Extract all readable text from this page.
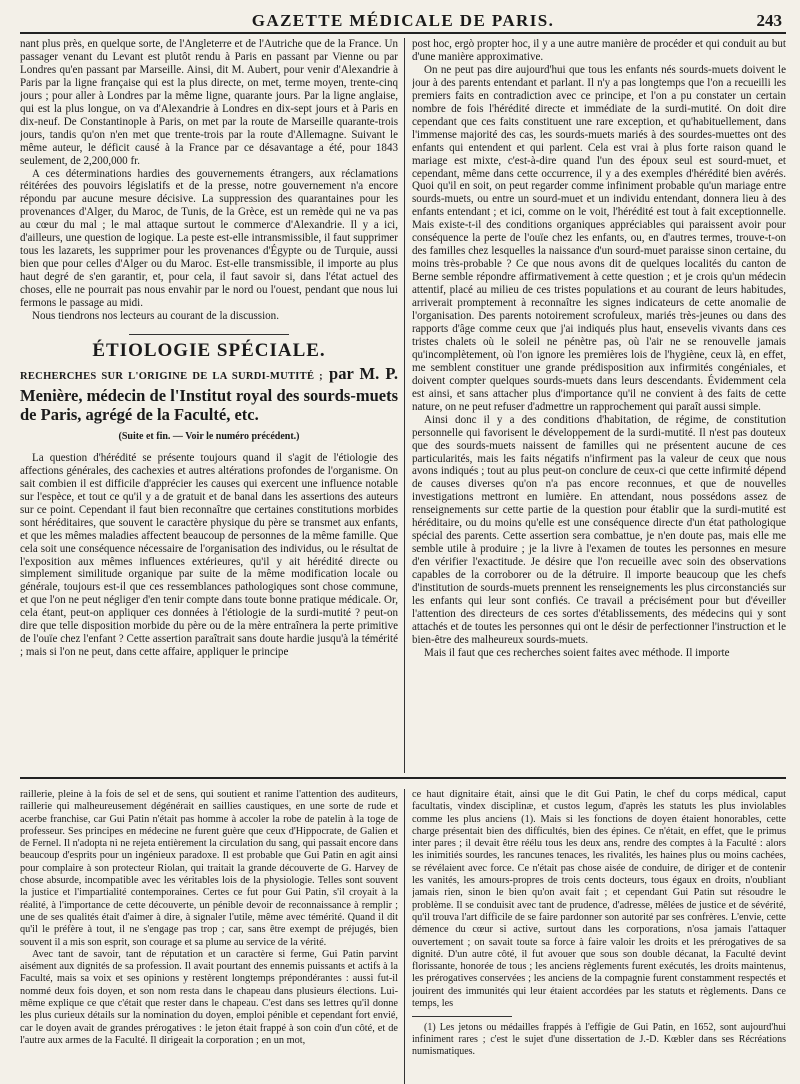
GAZETTE MÉDICALE DE PARIS.	243

nant plus près, en quelque sorte, de l'Angleterre et de l'Autriche que de la France. Un passager venant du Levant est plutôt rendu à Paris en passant par Vienne ou par Londres qu'en passant par Marseille. Ainsi, dit M. Aubert, pour venir d'Alexandrie à Paris par la ligne française qui est la plus directe, on met, terme moyen, trente-cinq jours ; pour aller à Londres par la même ligne, quarante jours. Par la ligne anglaise, qui est la plus longue, on va d'Alexandrie à Londres en dix-sept jours et à Paris en dix-neuf. De Constantinople à Paris, on met par la route de Marseille quarante-trois jours, tandis qu'on n'en met que trente-trois par la route d'Allemagne. Suivant le même auteur, le déficit causé à la France par ce désavantage a été, pour 1843 seulement, de 2,200,000 fr.

A ces déterminations hardies des gouvernements étrangers, aux réclamations réitérées des pouvoirs législatifs et de la presse, notre gouvernement n'a encore répondu par aucune mesure décisive. La suppression des quarantaines pour les provenances d'Alger, du Maroc, de Tunis, de la Grèce, est un remède qui ne va pas au cœur du mal ; le mal attaque surtout le commerce d'Alexandrie. Il y a ici, d'ailleurs, une question de logique. La peste est-elle intransmissible, il faut supprimer tous les lazarets, les supprimer pour les provenances d'Égypte ou de Turquie, aussi bien que pour celles d'Alger ou du Maroc. Est-elle transmissible, il importe au plus haut degré de s'en garantir, et, pour cela, il faut savoir si, dans l'état actuel des choses, elle ne pourrait pas nous envahir par le nord ou l'ouest, pendant que nous lui fermons le passage au midi.

Nous tiendrons nos lecteurs au courant de la discussion.

ÉTIOLOGIE SPÉCIALE.
RECHERCHES SUR L'ORIGINE DE LA SURDI-MUTITÉ ; par M. P. Menière, médecin de l'Institut royal des sourds-muets de Paris, agrégé de la Faculté, etc.
(Suite et fin. — Voir le numéro précédent.)

La question d'hérédité se présente toujours quand il s'agit de l'étiologie des affections générales, des cachexies et autres altérations profondes de l'organisme. On sait combien il est difficile d'apprécier les causes qui exercent une influence notable sur l'espèce, et tout ce qu'il y a de gratuit et de banal dans les assertions des auteurs sur ce point. Cependant il faut bien reconnaître que certaines constitutions morbides sont héréditaires, que souvent le caractère physique du père se transmet aux enfants, et que les mêmes maladies affectent beaucoup de personnes de la même famille. Que cela soit une conséquence nécessaire de l'organisation des individus, ou le résultat de l'exposition aux mêmes influences extérieures, qu'il y ait hérédité directe ou simplement similitude organique par suite de la même modification locale ou générale, toujours est-il que ces ressemblances pathologiques sont chose commune, et que l'on ne peut négliger d'en tenir compte dans toute bonne pratique médicale. Or, cela étant, peut-on appliquer ces données à l'étiologie de la surdi-mutité ? peut-on dire que telle disposition morbide du père ou de la mère entraînera la perte primitive de l'ouïe chez l'enfant ? Cette assertion paraîtrait sans doute hardie jusqu'à la témérité ; mais si l'on ne peut, dans cette affaire, appliquer le principe

post hoc, ergò propter hoc, il y a une autre manière de procéder et qui conduit au but d'une manière approximative.

On ne peut pas dire aujourd'hui que tous les enfants nés sourds-muets doivent le jour à des parents entendant et parlant. Il n'y a pas longtemps que l'on a recueilli les premiers faits en contradiction avec ce principe, et l'on a pu constater un certain nombre de fois l'hérédité directe et immédiate de la surdi-mutité. On doit dire cependant que ces faits constituent une rare exception, et qu'habituellement, dans l'immense majorité des cas, les sourds-muets mariés à des sourdes-muettes ont des enfants qui entendent et qui parlent. Cela est vrai à plus forte raison quand le mariage est mixte, c'est-à-dire quand l'un des époux seul est sourd-muet, et cependant, même dans cette occurrence, il y a des exemples d'hérédité bien avérés. Quoi qu'il en soit, on peut regarder comme infiniment probable qu'un mariage entre sourds-muets, ou entre un sourd-muet et un individu entendant, donnera lieu à des enfants entendant ; et ici, comme on le voit, l'hérédité est tout à fait exceptionnelle. Mais existe-t-il des conditions organiques appréciables qui paraissent avoir pour conséquence la perte de l'ouïe chez les enfants, ou, en d'autres termes, trouve-t-on des familles chez lesquelles la naissance d'un sourd-muet paraisse sinon certaine, du moins très-probable ? Ce que nous avons dit de quelques localités du canton de Berne semble répondre affirmativement à cette question ; et je crois qu'un médecin attentif, placé au milieu de ces tristes populations et au courant de leurs habitudes, arriverait promptement à reconnaître les signes indicateurs de cette anomalie de l'organisation. Des parents notoirement scrofuleux, mariés très-jeunes ou dans des rapports d'âge comme ceux que j'ai indiqués plus haut, ensevelis vivants dans ces tristes chalets où le soleil ne pénètre pas, où l'air ne se renouvelle jamais qu'incomplètement, où l'on ignore les premières lois de l'hygiène, ceux là, en effet, me semblent constituer une grande prédisposition aux infirmités congéniales, et doivent compter quelques sourds-muets dans leurs descendants. Évidemment cela est ainsi, et sans attacher plus d'importance qu'il ne convient à des faits de cette nature, on ne peut refuser d'admettre un rapprochement qui paraît aussi simple.

Ainsi donc il y a des conditions d'habitation, de régime, de constitution personnelle qui favorisent le développement de la surdi-mutité. Il n'est pas douteux que des sourds-muets naissent de familles qui ne présentent aucune de ces particularités, mais les faits négatifs n'infirment pas la valeur de ceux que nous avons indiqués ; tout au plus peut-on conclure de ceux-ci que cette infirmité dépend de causes diverses qu'on n'a pas encore reconnues, et que de nouvelles investigations mettront en lumière. En attendant, nous possédons assez de renseignements sur cette partie de la question pour établir que la surdi-mutité est héréditaire, ou du moins qu'elle est une conséquence directe d'un état pathologique spécial des parents. Cette assertion sera combattue, je n'en doute pas, mais elle me semble utile à produire ; je la livre à l'examen de toutes les personnes en mesure d'en vérifier l'exactitude. Je désire que l'on recueille avec soin des observations capables de la corroborer ou de la détruire. Il importe beaucoup que les chefs d'institution de sourds-muets prennent les renseignements les plus circonstanciés sur les enfants qui leur sont confiés. Ce travail a précisément pour but d'éveiller l'attention des directeurs de ces sortes d'établissements, des médecins qui y sont attachés et de toutes les personnes qui ont le désir de perfectionner l'instruction et le bien-être des malheureux sourds-muets.

Mais il faut que ces recherches soient faites avec méthode. Il importe

raillerie, pleine à la fois de sel et de sens, qui soutient et ranime l'attention des auditeurs, raillerie qui malheureusement dégénérait en saillies caustiques, en une sorte de rude et acerbe franchise, car Gui Patin n'était pas homme à accoler la robe de patelin à la toge de professeur. Ses principes en médecine ne furent guère que ceux d'Hippocrate, de Galien et de Fernel. Il n'adopta ni ne rejeta entièrement la circulation du sang, qui passait encore dans beaucoup d'esprits pour un ingénieux paradoxe. Il est probable que Gui Patin en agit ainsi pour complaire à son protecteur Riolan, qui traitait la grande découverte de G. Harvey de chose absurde, incompatible avec les véritables lois de la physiologie. Telles sont souvent la justice et l'impartialité contemporaines. Certes ce fut pour Gui Patin, s'il croyait à la réalité, à l'importance de cette découverte, un pénible devoir de reconnaissance à remplir ; une de ses qualités était d'aimer à dire, à signaler l'utile, même avec témérité. Quand il dit qu'il le préfère à tout, il ne s'engage pas trop ; car, sans être exempt de préjugés, bien souvent il a mis son esprit, son courage et sa plume au service de la vérité.

Avec tant de savoir, tant de réputation et un caractère si ferme, Gui Patin parvint aisément aux dignités de sa profession. Il avait pourtant des ennemis puissants et actifs à la Faculté, mais sa voix et ses opinions y restèrent longtemps prépondérantes : aussi fut-il nommé deux fois doyen, et son nom resta dans le chapeau dans plusieurs élections. Lui-même explique ce que c'était que rester dans le chapeau. C'est dans ses lettres qu'il donne les plus curieux détails sur la nomination du doyen, emploi pénible et cependant fort envié, car le doyen avait de grandes prérogatives : le jeton était frappé à son coin d'un côté, et de l'autre aux armes de la Faculté. Il dirigeait la corporation ; en un mot,

ce haut dignitaire était, ainsi que le dit Gui Patin, le chef du corps médical, caput facultatis, vindex disciplinæ, et custos legum, d'après les statuts les plus inviolables comme les plus anciens (1). Mais si les fonctions de doyen étaient honorables, cette charge présentait bien des difficultés, bien des épines. Ce n'était, en effet, que le primus inter pares ; il devait être réélu tous les deux ans, rendre des comptes à la Faculté : alors les inimitiés sourdes, les rancunes tenaces, les rivalités, les haines plus ou moins cachées, se révélaient avec force. Ce n'était pas chose aisée de conduire, de diriger et de contenir les vanités, les amours-propres de trois cents docteurs, tous égaux en droits, n'oubliant jamais rien, sinon le bien qu'on avait fait ; et cependant Gui Patin sut résoudre le problème. Il se conduisit avec tant de prudence, d'adresse, mêlées de justice et de sévérité, qu'il trouva l'art difficile de se faire pardonner son autorité par ses confrères. L'envie, cette démence du cœur si active, surtout dans les corporations, n'osa jamais l'attaquer ouvertement ; on savait toute sa force à faire valoir les droits et les prérogatives de sa dignité. D'un autre côté, il fut avouer que sous son double décanat, la Faculté devint florissante, honorée de tous ; les anciens règlements furent exécutés, les droits maintenus, les prérogatives conservées ; les anciens de la compagnie furent constamment respectés et jouirent des immunités qui leur étaient accordées par les statuts et règlements. Dans ce temps, les

(1) Les jetons ou médailles frappés à l'effigie de Gui Patin, en 1652, sont aujourd'hui infiniment rares ; c'est le sujet d'une dissertation de J.-D. Kœbler dans ses Récréations numismatiques.
